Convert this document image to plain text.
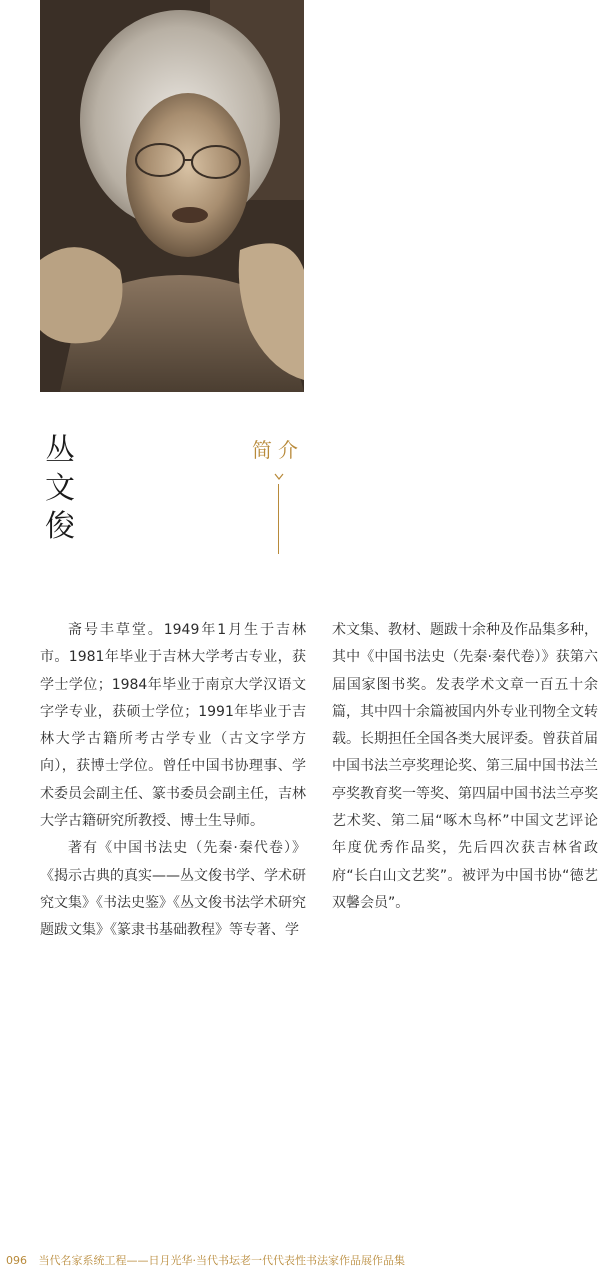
丛
文
俊
简介

斋号丰草堂。1949年1月生于吉林市。1981年毕业于吉林大学考古专业，获学士学位；1984年毕业于南京大学汉语文字学专业，获硕士学位；1991年毕业于吉林大学古籍所考古学专业（古文字学方向），获博士学位。曾任中国书协理事、学术委员会副主任、篆书委员会副主任，吉林大学古籍研究所教授、博士生导师。

著有《中国书法史（先秦·秦代卷）》《揭示古典的真实——丛文俊书学、学术研究文集》《书法史鉴》《丛文俊书法学术研究题跋文集》《篆隶书基础教程》等专著、学

术文集、教材、题跋十余种及作品集多种，其中《中国书法史（先秦·秦代卷）》获第六届国家图书奖。发表学术文章一百五十余篇，其中四十余篇被国内外专业刊物全文转载。长期担任全国各类大展评委。曾获首届中国书法兰亭奖理论奖、第三届中国书法兰亭奖教育奖一等奖、第四届中国书法兰亭奖艺术奖、第二届“啄木鸟杯”中国文艺评论年度优秀作品奖，先后四次获吉林省政府“长白山文艺奖”。被评为中国书协“德艺双馨会员”。

096 当代名家系统工程——日月光华·当代书坛老一代代表性书法家作品展作品集
